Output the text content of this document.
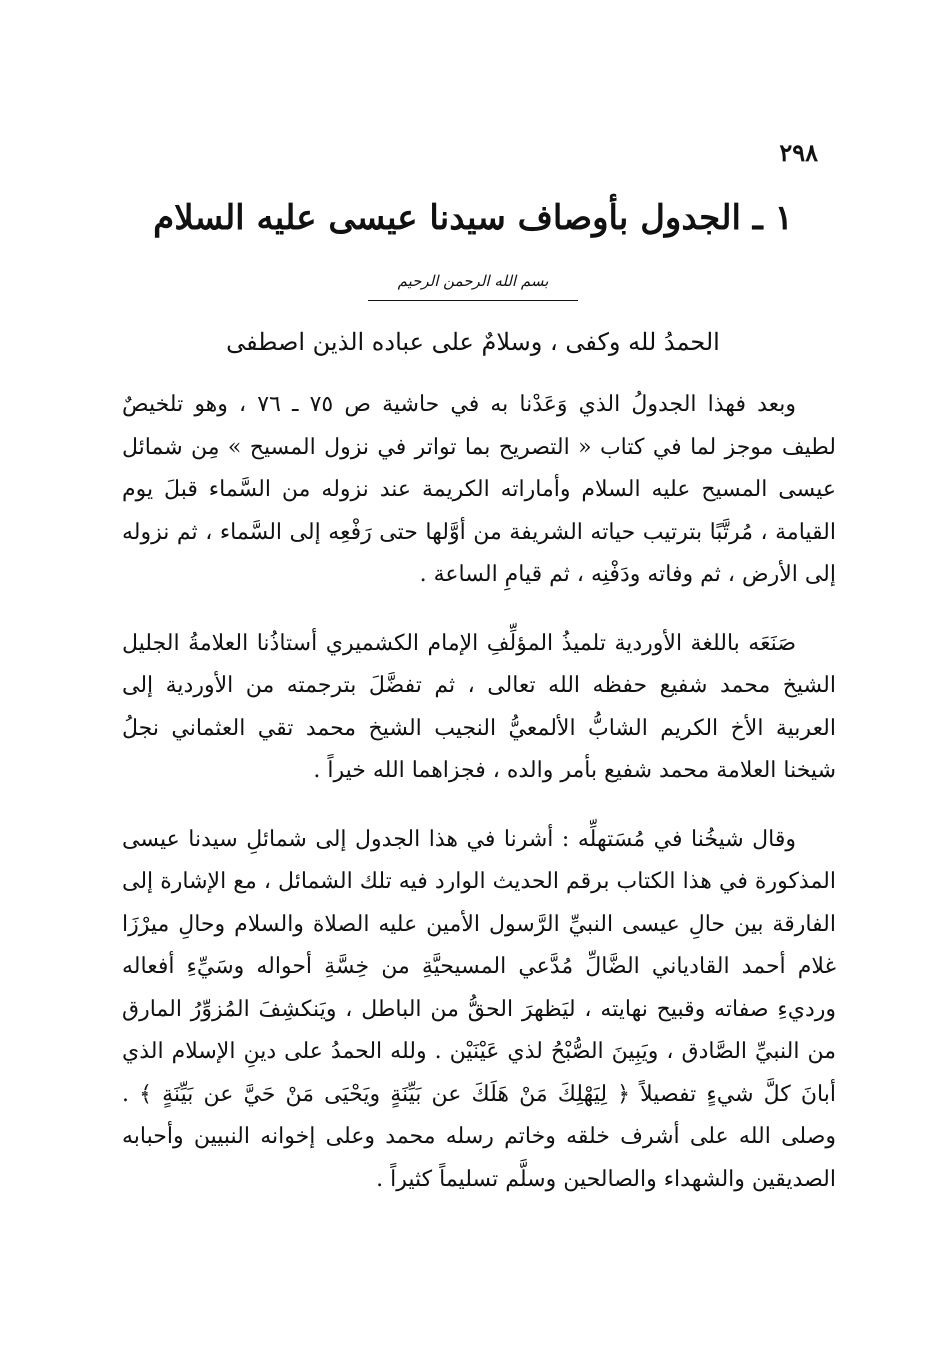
٢٩٨
١ ـ الجدول بأوصاف سيدنا عيسى عليه السلام
بسم الله الرحمن الرحيم
الحمدُ لله وكفى ، وسلامٌ على عباده الذين اصطفى

وبعد فهذا الجدولُ الذي وَعَدْنا به في حاشية ص ٧٥ ـ ٧٦ ، وهو تلخيصٌ لطيف موجز لما في كتاب « التصريح بما تواتر في نزول المسيح » مِن شمائل عيسى المسيح عليه السلام وأماراته الكريمة عند نزوله من السَّماء قبلَ يوم القيامة ، مُرتَّبًا بترتيب حياته الشريفة من أوَّلها حتى رَفْعِه إلى السَّماء ، ثم نزوله إلى الأرض ، ثم وفاته ودَفْنِه ، ثم قيامِ الساعة .

صَنَعَه باللغة الأوردية تلميذُ المؤلِّفِ الإمام الكشميري أستاذُنا العلامةُ الجليل الشيخ محمد شفيع حفظه الله تعالى ، ثم تفضَّلَ بترجمته من الأوردية إلى العربية الأخ الكريم الشابُّ الألمعيُّ النجيب الشيخ محمد تقي العثماني نجلُ شيخنا العلامة محمد شفيع بأمر والده ، فجزاهما الله خيراً .

وقال شيخُنا في مُسَتهلِّه : أشرنا في هذا الجدول إلى شمائلِ سيدنا عيسى المذكورة في هذا الكتاب برقم الحديث الوارد فيه تلك الشمائل ، مع الإشارة إلى الفارقة بين حالِ عيسى النبيِّ الرَّسول الأمين عليه الصلاة والسلام وحالِ ميرْزَا غلام أحمد القادياني الضَّالِّ مُدَّعي المسيحيَّةِ من خِسَّةِ أحواله وسَيِّءِ أفعاله ورديءِ صفاته وقبيح نهايته ، ليَظهرَ الحقُّ من الباطل ، ويَنكشِفَ المُزوِّرُ المارق من النبيِّ الصَّادق ، ويَبِينَ الصُّبْحُ لذي عَيْنَيْن . ولله الحمدُ على دينِ الإسلام الذي أبانَ كلَّ شيءٍ تفصيلاً ﴿ لِيَهْلِكَ مَنْ هَلَكَ عن بَيِّنَةٍ ويَحْيَى مَنْ حَيَّ عن بَيِّنَةٍ ﴾ . وصلى الله على أشرف خلقه وخاتم رسله محمد وعلى إخوانه النبيين وأحبابه الصديقين والشهداء والصالحين وسلَّم تسليماً كثيراً .
